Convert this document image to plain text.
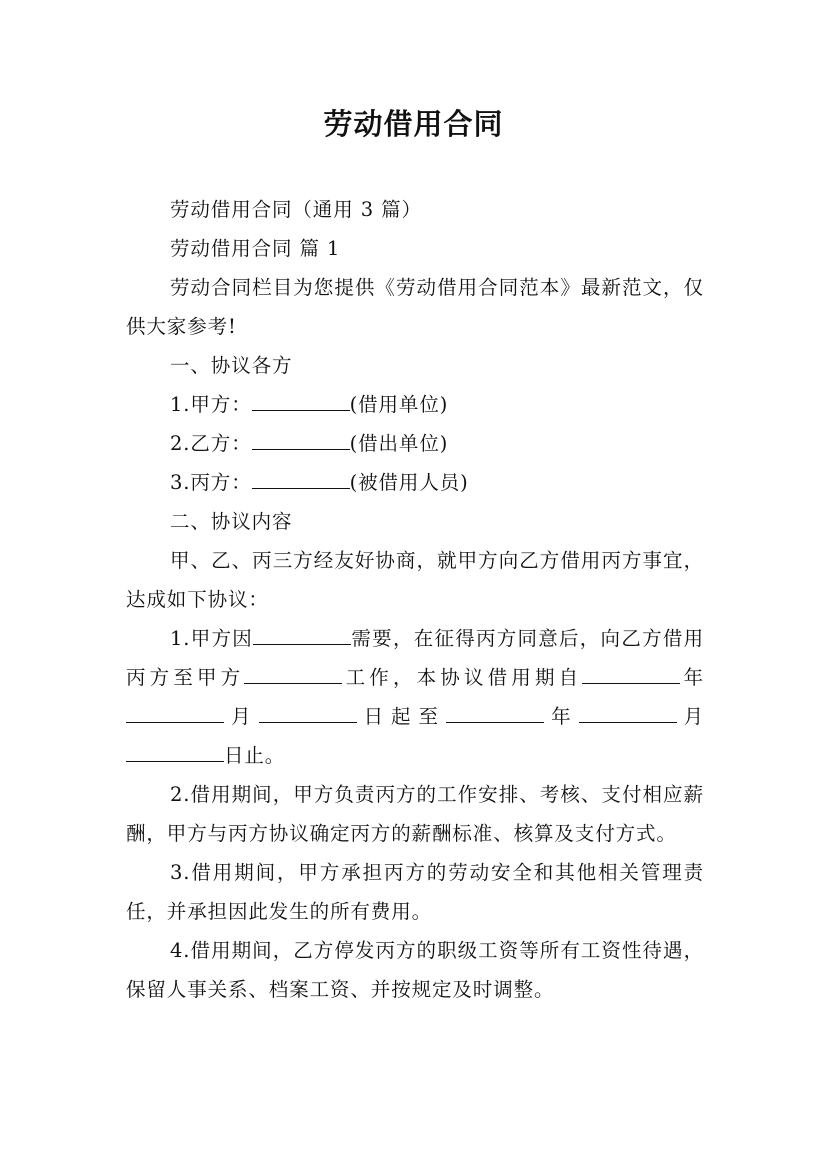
劳动借用合同

劳动借用合同（通用 3 篇）

劳动借用合同 篇 1

劳动合同栏目为您提供《劳动借用合同范本》最新范文，仅供大家参考!

一、协议各方

1.甲方：	(借用单位)

2.乙方：	(借出单位)

3.丙方：	(被借用人员)

二、协议内容

甲、乙、丙三方经友好协商，就甲方向乙方借用丙方事宜，达成如下协议：

1.甲方因	需要，在征得丙方同意后，向乙方借用丙方至甲方	工作，本协议借用期自	年月	日起至	年	月日止。

2.借用期间，甲方负责丙方的工作安排、考核、支付相应薪酬，甲方与丙方协议确定丙方的薪酬标准、核算及支付方式。

3.借用期间，甲方承担丙方的劳动安全和其他相关管理责任，并承担因此发生的所有费用。

4.借用期间，乙方停发丙方的职级工资等所有工资性待遇，保留人事关系、档案工资、并按规定及时调整。
